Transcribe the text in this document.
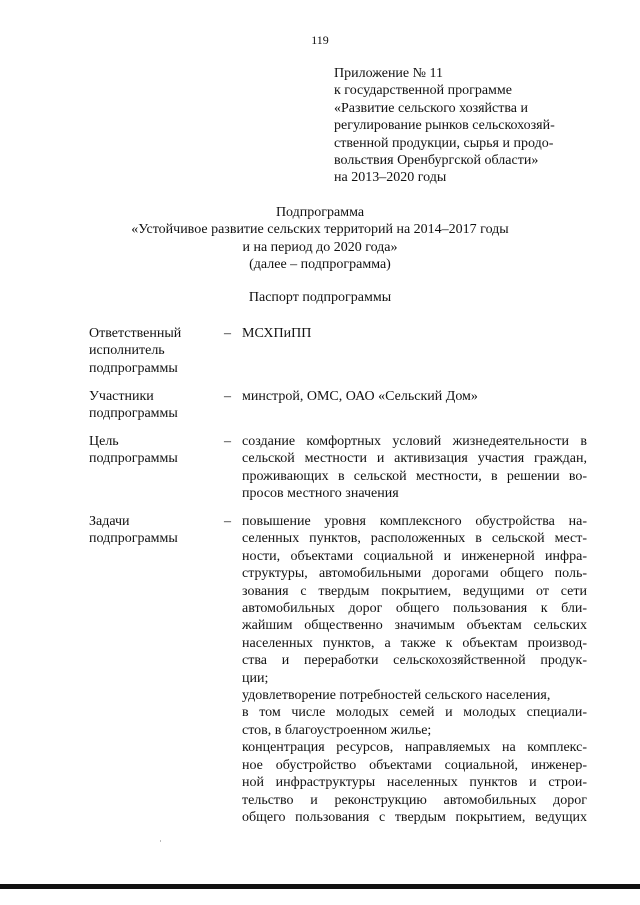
119
Приложение № 11
к государственной программе
«Развитие сельского хозяйства и
регулирование рынков сельскохозяй-
ственной продукции, сырья и продо-
вольствия Оренбургской области»
на 2013–2020 годы
Подпрограмма
«Устойчивое развитие сельских территорий на 2014–2017 годы
и на период до 2020 года»
(далее – подпрограмма)
Паспорт подпрограммы
Ответственный
исполнитель
подпрограммы
– МСХПиПП
Участники
подпрограммы
– минстрой, ОМС, ОАО «Сельский Дом»
Цель
подпрограммы
– создание комфортных условий жизнедеятельности в
сельской местности и активизация участия граждан,
проживающих в сельской местности, в решении во-
просов местного значения
Задачи
подпрограммы
– повышение уровня комплексного обустройства на-
селенных пунктов, расположенных в сельской мест-
ности, объектами социальной и инженерной инфра-
структуры, автомобильными дорогами общего поль-
зования с твердым покрытием, ведущими от сети
автомобильных дорог общего пользования к бли-
жайшим общественно значимым объектам сельских
населенных пунктов, а также к объектам производ-
ства и переработки сельскохозяйственной продук-
ции;
удовлетворение потребностей сельского населения,
в том числе молодых семей и молодых специали-
стов, в благоустроенном жилье;
концентрация ресурсов, направляемых на комплекс-
ное обустройство объектами социальной, инженер-
ной инфраструктуры населенных пунктов и строи-
тельство и реконструкцию автомобильных дорог
общего пользования с твердым покрытием, ведущих
